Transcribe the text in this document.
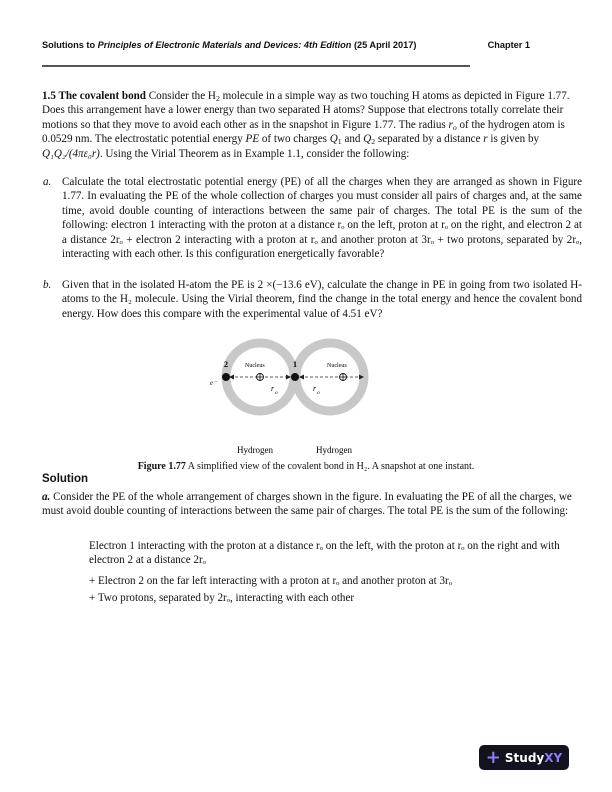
Solutions to Principles of Electronic Materials and Devices: 4th Edition (25 April 2017)	Chapter 1
1.5 The covalent bond Consider the $H_2$ molecule in a simple way as two touching H atoms as depicted in Figure 1.77. Does this arrangement have a lower energy than two separated H atoms? Suppose that electrons totally correlate their motions so that they move to avoid each other as in the snapshot in Figure 1.77. The radius $r_o$ of the hydrogen atom is 0.0529 nm. The electrostatic potential energy PE of two charges $Q_1$ and $Q_2$ separated by a distance r is given by Q₁Q₂/(4πε₀r). Using the Virial Theorem as in Example 1.1, consider the following:
a. Calculate the total electrostatic potential energy (PE) of all the charges when they are arranged as shown in Figure 1.77. In evaluating the PE of the whole collection of charges you must consider all pairs of charges and, at the same time, avoid double counting of interactions between the same pair of charges. The total PE is the sum of the following: electron 1 interacting with the proton at a distance rₒ on the left, proton at rₒ on the right, and electron 2 at a distance 2rₒ + electron 2 interacting with a proton at rₒ and another proton at 3rₒ + two protons, separated by 2rₒ, interacting with each other. Is this configuration energetically favorable?
b. Given that in the isolated H-atom the PE is 2 ×(−13.6 eV), calculate the change in PE in going from two isolated H-atoms to the H₂ molecule. Using the Virial theorem, find the change in the total energy and hence the covalent bond energy. How does this compare with the experimental value of 4.51 eV?
2	1
e⁻
Nucleus	Nucleus
r o	r o
Hydrogen	Hydrogen
Figure 1.77 A simplified view of the covalent bond in H₂. A snapshot at one instant.
Solution
a. Consider the PE of the whole arrangement of charges shown in the figure. In evaluating the PE of all the charges, we must avoid double counting of interactions between the same pair of charges. The total PE is the sum of the following:
Electron 1 interacting with the proton at a distance rₒ on the left, with the proton at rₒ on the right and with electron 2 at a distance 2rₒ
+ Electron 2 on the far left interacting with a proton at rₒ and another proton at 3rₒ
+ Two protons, separated by 2rₒ, interacting with each other
+ Study XY
